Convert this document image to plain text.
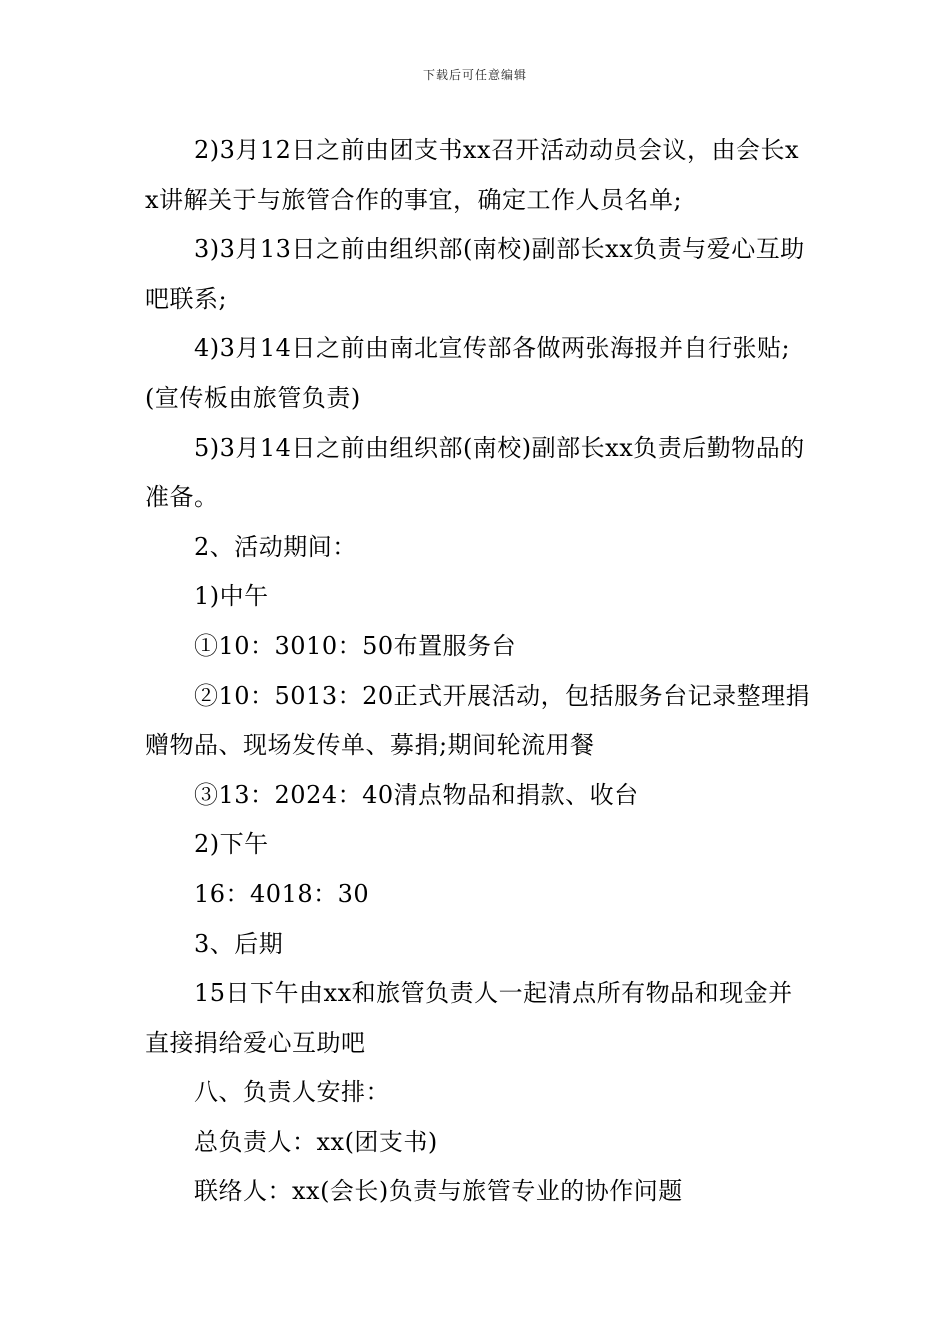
下载后可任意编辑

2)3月12日之前由团支书xx召开活动动员会议，由会长xx讲解关于与旅管合作的事宜，确定工作人员名单;

3)3月13日之前由组织部(南校)副部长xx负责与爱心互助吧联系;

4)3月14日之前由南北宣传部各做两张海报并自行张贴;(宣传板由旅管负责)

5)3月14日之前由组织部(南校)副部长xx负责后勤物品的准备。

2、活动期间：

1)中午

①10：3010：50布置服务台

②10：5013：20正式开展活动，包括服务台记录整理捐赠物品、现场发传单、募捐;期间轮流用餐

③13：2024：40清点物品和捐款、收台

2)下午

16：4018：30

3、后期

15日下午由xx和旅管负责人一起清点所有物品和现金并直接捐给爱心互助吧

八、负责人安排：

总负责人：xx(团支书)

联络人：xx(会长)负责与旅管专业的协作问题
